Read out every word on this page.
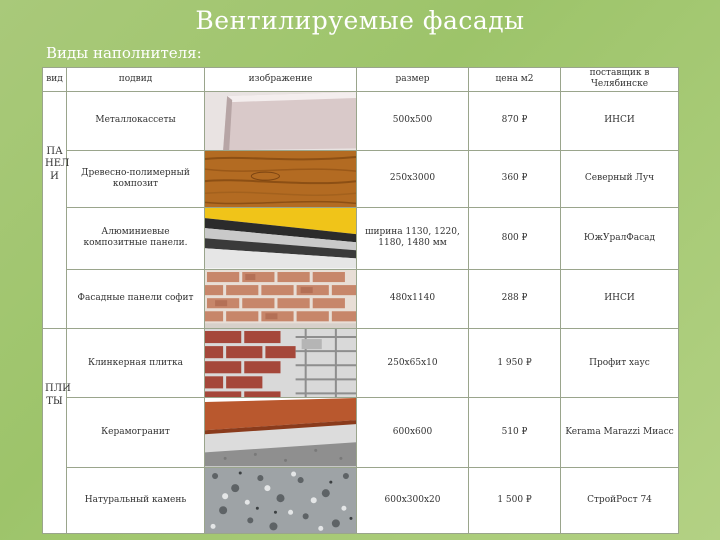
Вентилируемые фасады
Виды наполнителя:
вид	подвид	изображение	размер	цена м2	поставщик в Челябинске

ПА
НЕЛ
И	Металлокассеты		500х500	870 ₽	ИНСИ
	Древесно-полимерный композит		250х3000	360 ₽	Северный Луч
	Алюминиевые композитные панели.		ширина 1130, 1220, 1180, 1480 мм	800 ₽	ЮжУралФасад
	Фасадные панели софит		480х1140	288 ₽	ИНСИ

ПЛИ
ТЫ	Клинкерная плитка		250х65х10	1 950 ₽	Профит хаус
	Керамогранит		600х600	510 ₽	Kerama Marazzi Миасс
	Натуральный камень		600х300х20	1 500 ₽	СтройРост 74
